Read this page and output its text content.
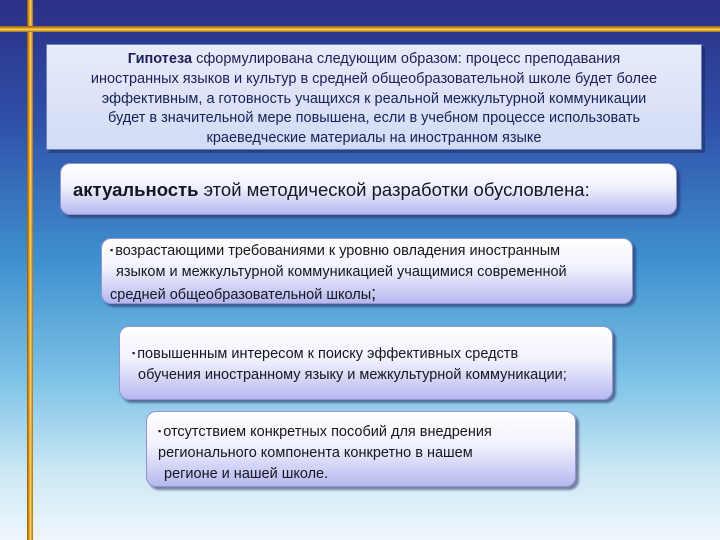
Гипотеза сформулирована следующим образом: процесс преподавания
иностранных языков и культур в средней общеобразовательной школе будет более
эффективным, а готовность учащихся к реальной межкультурной коммуникации
будет в значительной мере повышена, если в учебном процессе использовать
краеведческие материалы на иностранном языке
актуальность этой методической разработки обусловлена:
▪ возрастающими требованиями к уровню овладения иностранным
языком и межкультурной коммуникацией учащимися современной
средней общеобразовательной школы;
▪ повышенным интересом к поиску эффективных средств
обучения иностранному языку и межкультурной коммуникации;
▪ отсутствием конкретных пособий для внедрения
регионального компонента конкретно в нашем
регионе и нашей школе.
